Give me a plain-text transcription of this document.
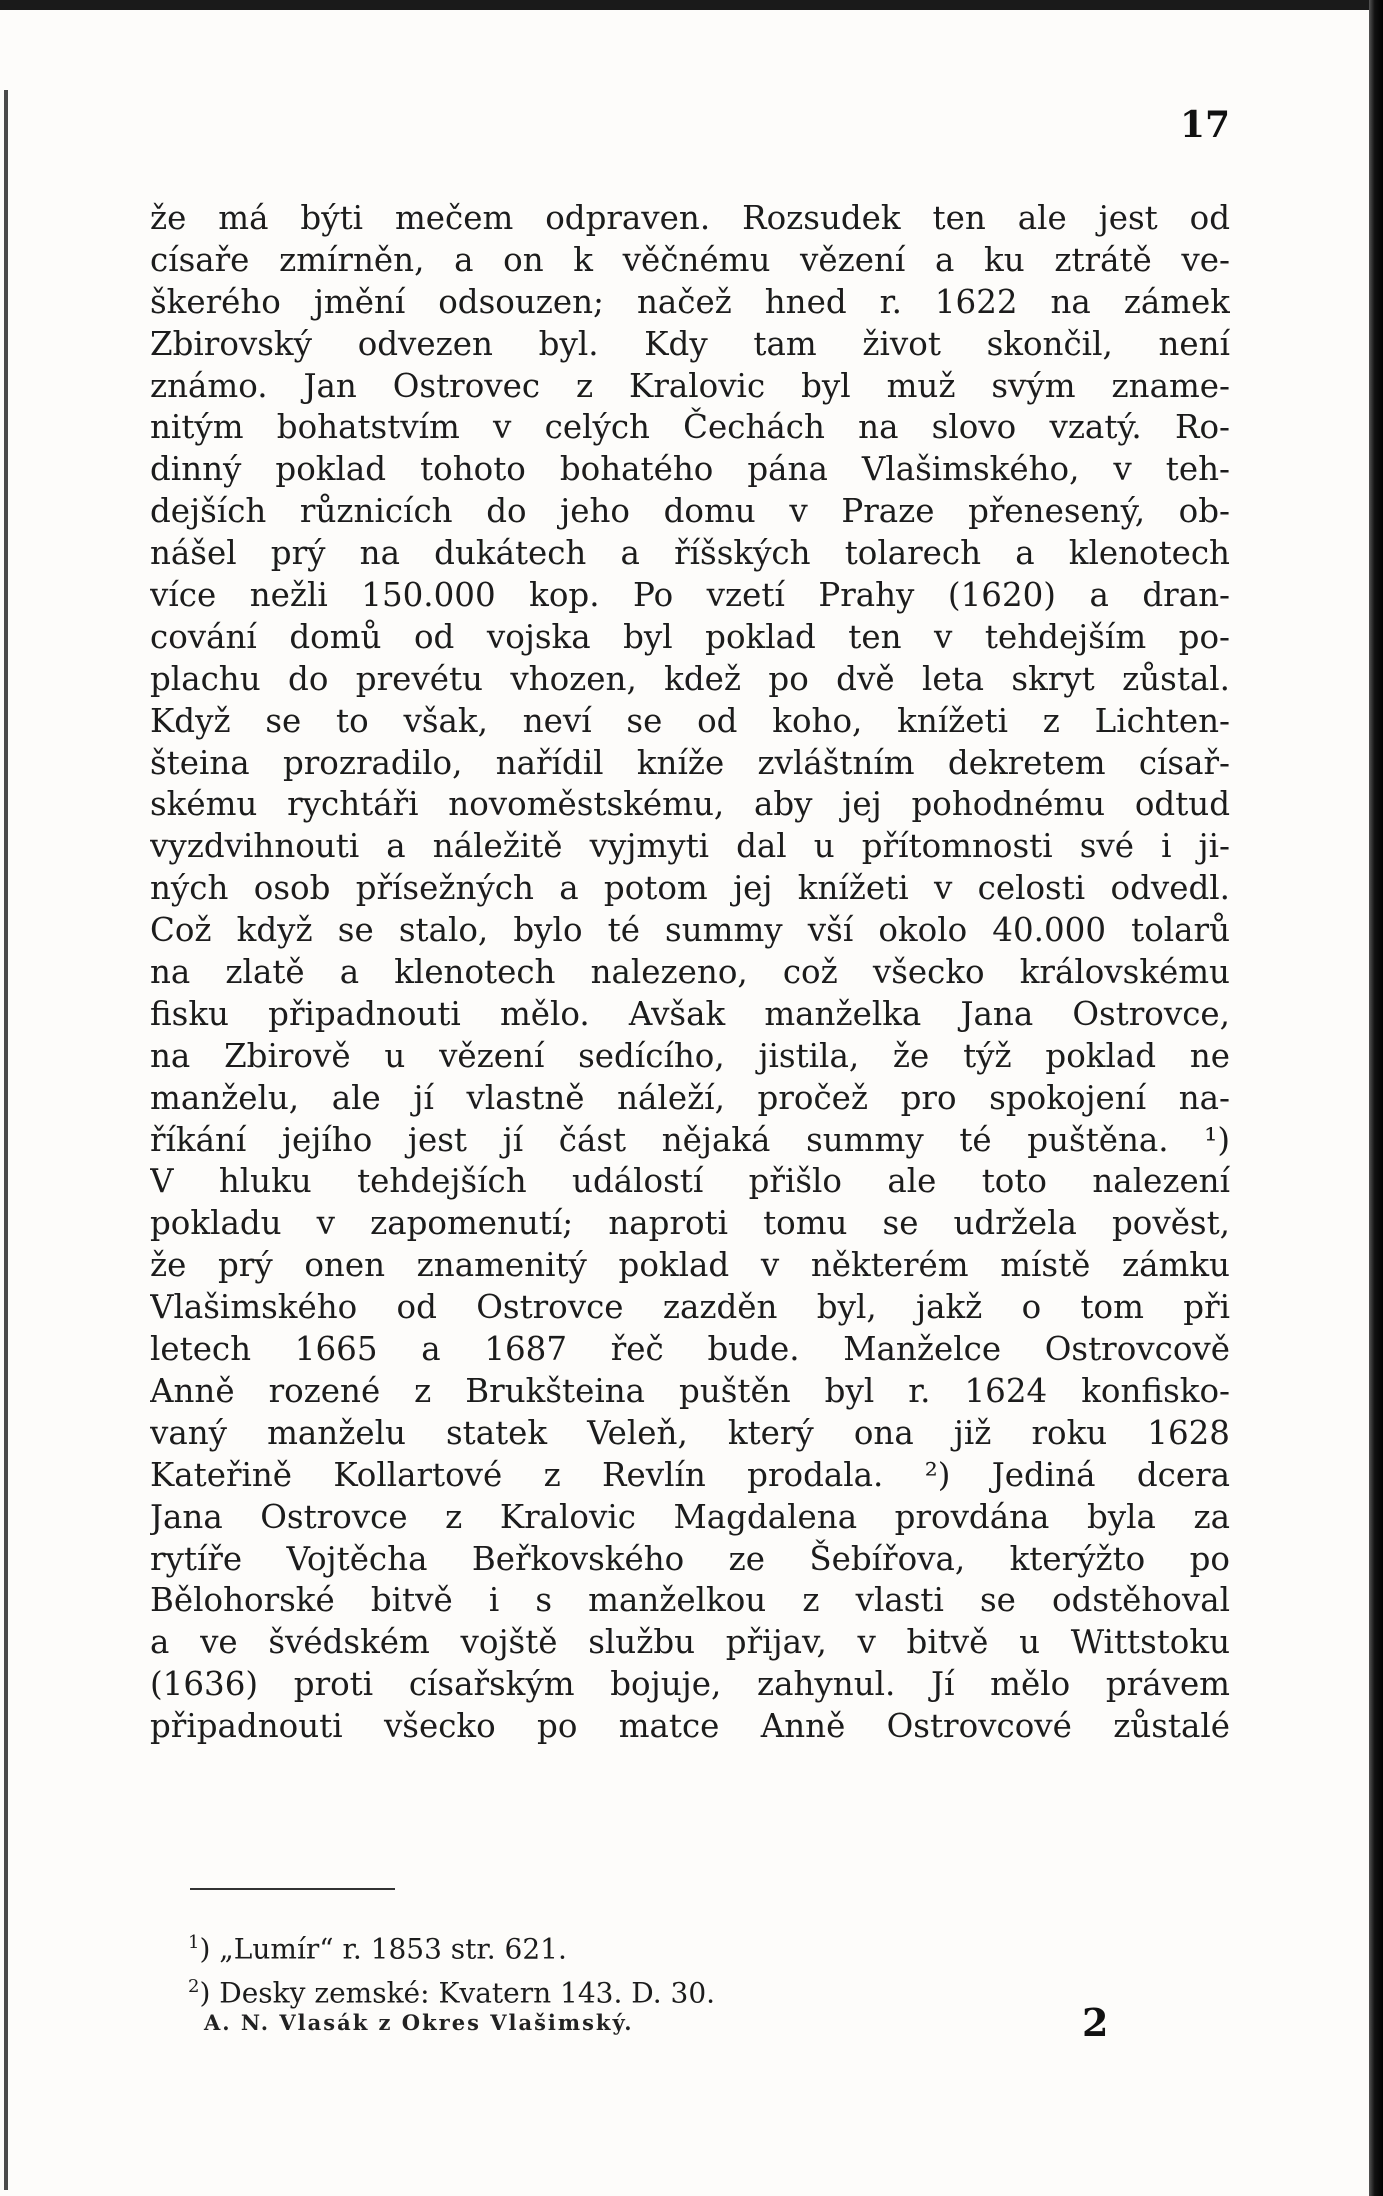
17
že má býti mečem odpraven. Rozsudek ten ale jest od
císaře zmírněn, a on k věčnému vězení a ku ztrátě ve-
škerého jmění odsouzen; načež hned r. 1622 na zámek
Zbirovský odvezen byl. Kdy tam život skončil, není
známo. Jan Ostrovec z Kralovic byl muž svým zname-
nitým bohatstvím v celých Čechách na slovo vzatý. Ro-
dinný poklad tohoto bohatého pána Vlašimského, v teh-
dejších různicích do jeho domu v Praze přenesený, ob-
nášel prý na dukátech a říšských tolarech a klenotech
více nežli 150.000 kop. Po vzetí Prahy (1620) a dran-
cování domů od vojska byl poklad ten v tehdejším po-
plachu do prevétu vhozen, kdež po dvě leta skryt zůstal.
Když se to však, neví se od koho, knížeti z Lichten-
šteina prozradilo, nařídil kníže zvláštním dekretem císař-
skému rychtáři novoměstskému, aby jej pohodnému odtud
vyzdvihnouti a náležitě vyjmyti dal u přítomnosti své i ji-
ných osob přísežných a potom jej knížeti v celosti odvedl.
Což když se stalo, bylo té summy vší okolo 40.000 tolarů
na zlatě a klenotech nalezeno, což všecko královskému
fisku připadnouti mělo. Avšak manželka Jana Ostrovce,
na Zbirově u vězení sedícího, jistila, že týž poklad ne
manželu, ale jí vlastně náleží, pročež pro spokojení na-
říkání jejího jest jí část nějaká summy té puštěna. ¹)
V hluku tehdejších událostí přišlo ale toto nalezení
pokladu v zapomenutí; naproti tomu se udržela pověst,
že prý onen znamenitý poklad v některém místě zámku
Vlašimského od Ostrovce zazděn byl, jakž o tom při
letech 1665 a 1687 řeč bude. Manželce Ostrovcově
Anně rozené z Brukšteina puštěn byl r. 1624 konfisko-
vaný manželu statek Veleň, který ona již roku 1628
Kateřině Kollartové z Revlín prodala. ²) Jediná dcera
Jana Ostrovce z Kralovic Magdalena provdána byla za
rytíře Vojtěcha Beřkovského ze Šebířova, kterýžto po
Bělohorské bitvě i s manželkou z vlasti se odstěhoval
a ve švédském vojště službu přijav, v bitvě u Wittstoku
(1636) proti císařským bojuje, zahynul. Jí mělo právem
připadnouti všecko po matce Anně Ostrovcové zůstalé
$^1$) „Lumír“ r. 1853 str. 621.
$^2$) Desky zemské: Kvatern 143. D. 30.
A. N. Vlasák z Okres Vlašimský.	2
